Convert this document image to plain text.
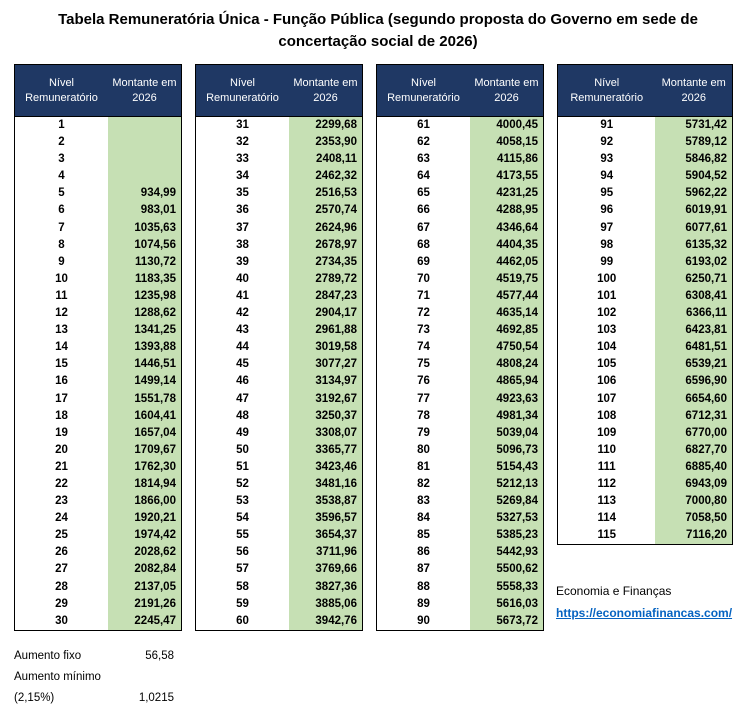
Tabela Remuneratória Única - Função Pública (segundo proposta do Governo em sede de
concertação social de 2026)
Nível Remuneratório
Montante em 2026
1
2
3
4
5	934,99
6	983,01
7	1035,63
8	1074,56
9	1130,72
10	1183,35
11	1235,98
12	1288,62
13	1341,25
14	1393,88
15	1446,51
16	1499,14
17	1551,78
18	1604,41
19	1657,04
20	1709,67
21	1762,30
22	1814,94
23	1866,00
24	1920,21
25	1974,42
26	2028,62
27	2082,84
28	2137,05
29	2191,26
30	2245,47
Nível Remuneratório
Montante em 2026
31	2299,68
32	2353,90
33	2408,11
34	2462,32
35	2516,53
36	2570,74
37	2624,96
38	2678,97
39	2734,35
40	2789,72
41	2847,23
42	2904,17
43	2961,88
44	3019,58
45	3077,27
46	3134,97
47	3192,67
48	3250,37
49	3308,07
50	3365,77
51	3423,46
52	3481,16
53	3538,87
54	3596,57
55	3654,37
56	3711,96
57	3769,66
58	3827,36
59	3885,06
60	3942,76
Nível Remuneratório
Montante em 2026
61	4000,45
62	4058,15
63	4115,86
64	4173,55
65	4231,25
66	4288,95
67	4346,64
68	4404,35
69	4462,05
70	4519,75
71	4577,44
72	4635,14
73	4692,85
74	4750,54
75	4808,24
76	4865,94
77	4923,63
78	4981,34
79	5039,04
80	5096,73
81	5154,43
82	5212,13
83	5269,84
84	5327,53
85	5385,23
86	5442,93
87	5500,62
88	5558,33
89	5616,03
90	5673,72
Nível Remuneratório
Montante em 2026
91	5731,42
92	5789,12
93	5846,82
94	5904,52
95	5962,22
96	6019,91
97	6077,61
98	6135,32
99	6193,02
100	6250,71
101	6308,41
102	6366,11
103	6423,81
104	6481,51
105	6539,21
106	6596,90
107	6654,60
108	6712,31
109	6770,00
110	6827,70
111	6885,40
112	6943,09
113	7000,80
114	7058,50
115	7116,20
Aumento fixo	56,58
Aumento mínimo
(2,15%)	1,0215
Economia e Finanças
https://economiafinancas.com/
